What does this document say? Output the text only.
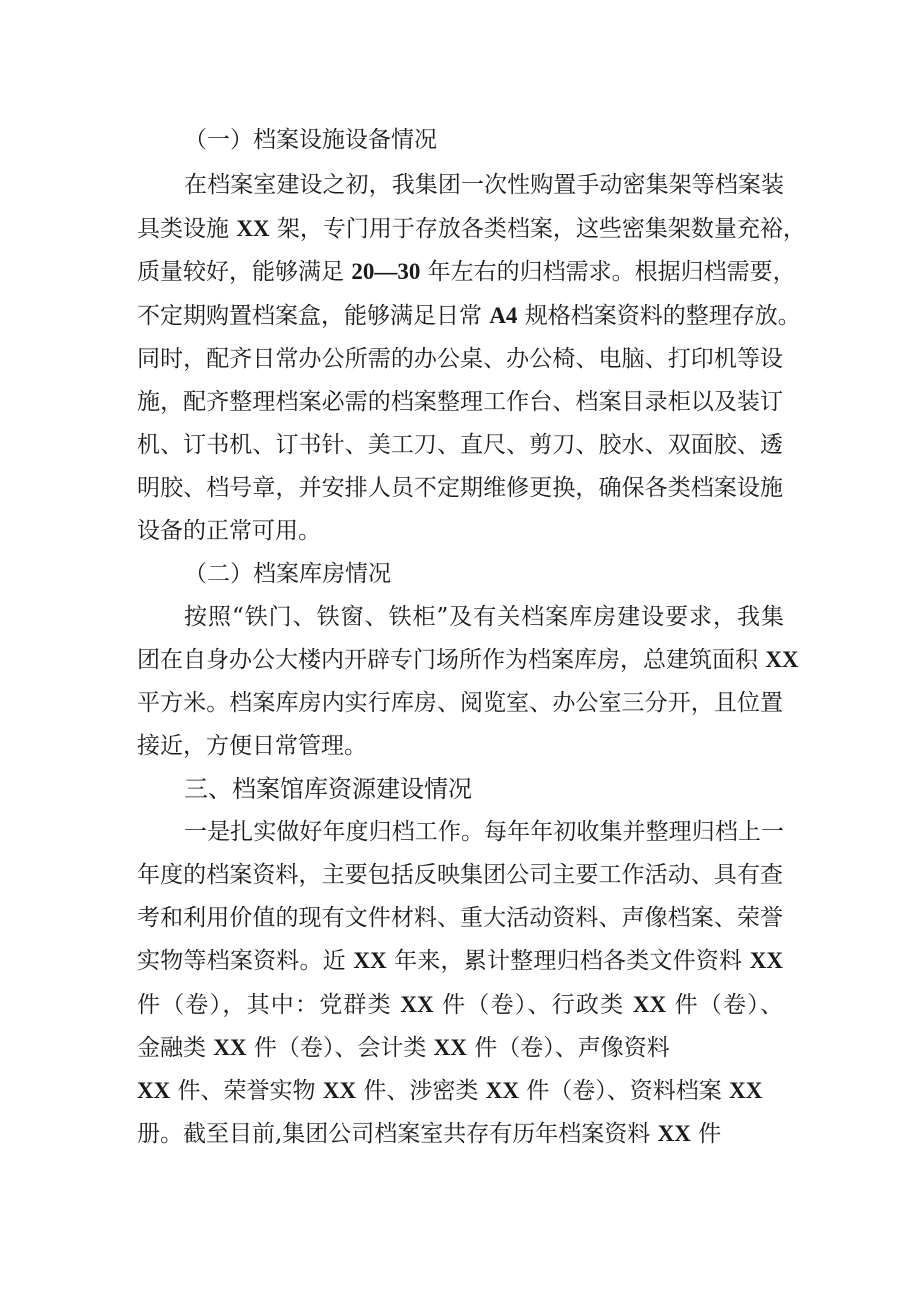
（一）档案设施设备情况

在档案室建设之初，我集团一次性购置手动密集架等档案装

具类设施 XX 架，专门用于存放各类档案，这些密集架数量充裕，

质量较好，能够满足 20—30 年左右的归档需求。根据归档需要，

不定期购置档案盒，能够满足日常 A4 规格档案资料的整理存放。

同时，配齐日常办公所需的办公桌、办公椅、电脑、打印机等设

施，配齐整理档案必需的档案整理工作台、档案目录柜以及装订

机、订书机、订书针、美工刀、直尺、剪刀、胶水、双面胶、透

明胶、档号章，并安排人员不定期维修更换，确保各类档案设施

设备的正常可用。

（二）档案库房情况

按照“铁门、铁窗、铁柜”及有关档案库房建设要求，我集

团在自身办公大楼内开辟专门场所作为档案库房，总建筑面积 XX

平方米。档案库房内实行库房、阅览室、办公室三分开，且位置

接近，方便日常管理。

三、档案馆库资源建设情况

一是扎实做好年度归档工作。每年年初收集并整理归档上一

年度的档案资料，主要包括反映集团公司主要工作活动、具有查

考和利用价值的现有文件材料、重大活动资料、声像档案、荣誉

实物等档案资料。近 XX 年来，累计整理归档各类文件资料 XX

件（卷），其中：党群类 XX 件（卷）、行政类 XX 件（卷）、

金融类 XX 件（卷）、会计类 XX 件（卷）、声像资料

XX 件、荣誉实物 XX 件、涉密类 XX 件（卷）、资料档案 XX

册。截至目前,集团公司档案室共存有历年档案资料 XX 件
